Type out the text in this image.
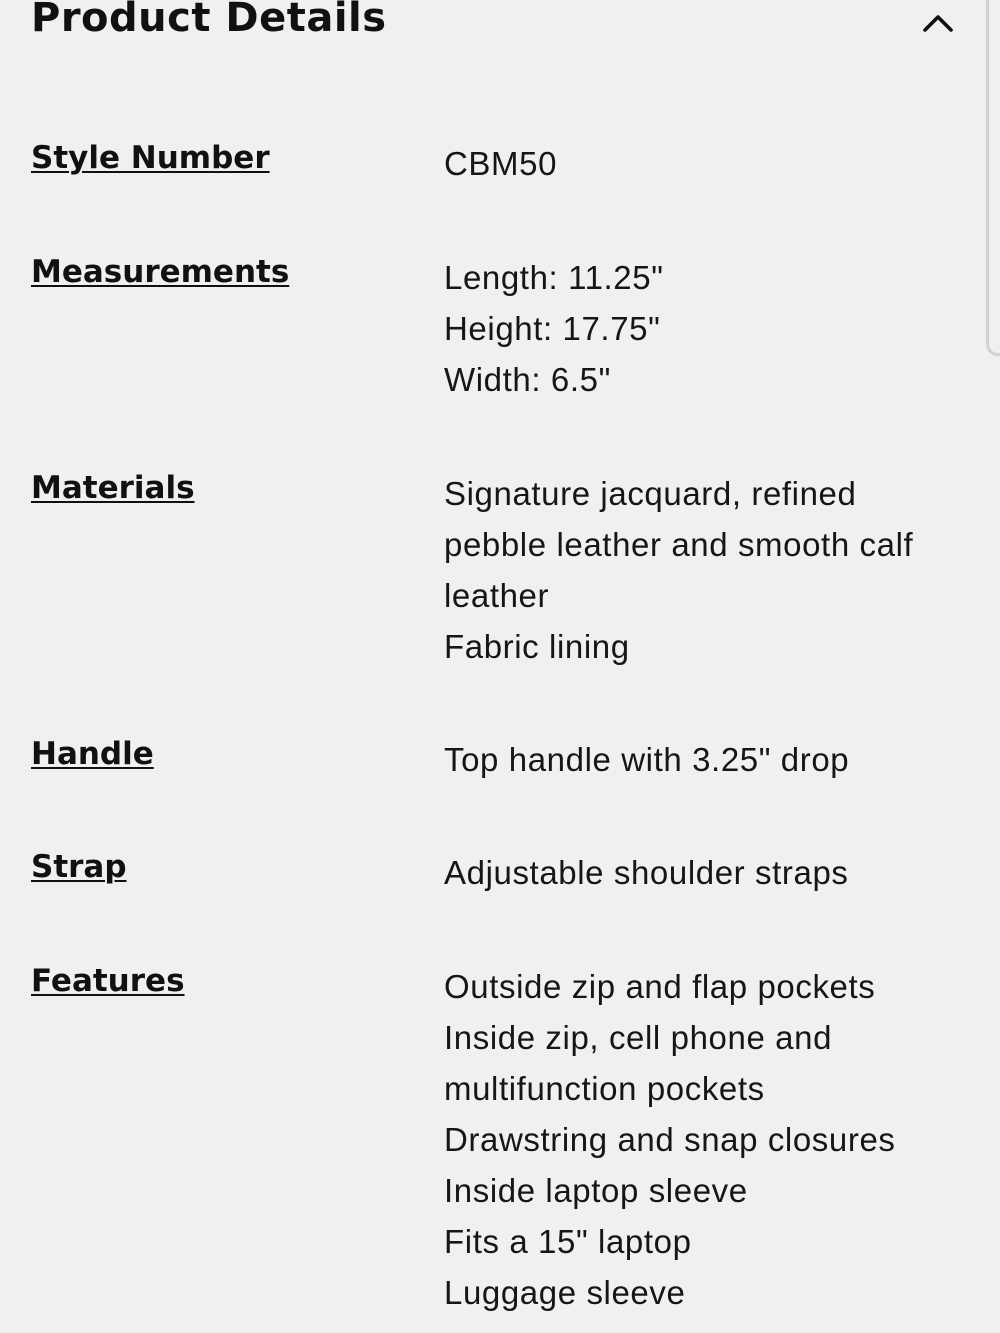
Product Details
Style Number	CBM50
Measurements	Length: 11.25"
Height: 17.75"
Width: 6.5"
Materials	Signature jacquard, refined
pebble leather and smooth calf
leather
Fabric lining
Handle	Top handle with 3.25" drop
Strap	Adjustable shoulder straps
Features	Outside zip and flap pockets
Inside zip, cell phone and
multifunction pockets
Drawstring and snap closures
Inside laptop sleeve
Fits a 15" laptop
Luggage sleeve
